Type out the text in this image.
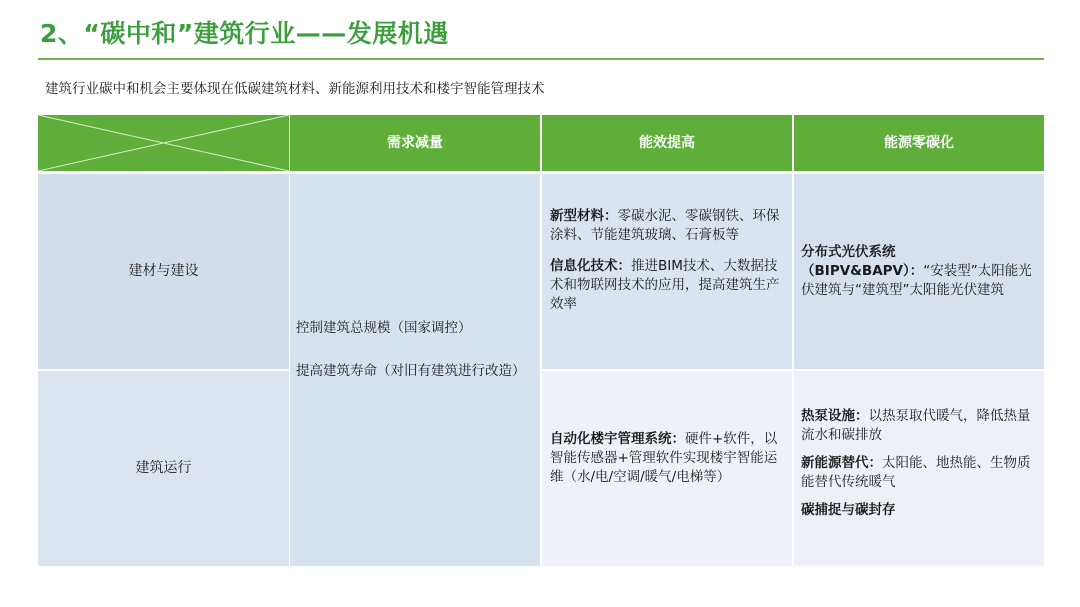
2、“碳中和”建筑行业——发展机遇
建筑行业碳中和机会主要体现在低碳建筑材料、新能源利用技术和楼宇智能管理技术
需求减量	能效提高	能源零碳化
建材与建设
建筑运行

控制建筑总规模（国家调控）

提高建筑寿命（对旧有建筑进行改造）

新型材料：零碳水泥、零碳钢铁、环保涂料、节能建筑玻璃、石膏板等

信息化技术：推进BIM技术、大数据技术和物联网技术的应用，提高建筑生产效率

自动化楼宇管理系统：硬件+软件，以智能传感器+管理软件实现楼宇智能运维（水/电/空调/暖气/电梯等）

分布式光伏系统（BIPV&BAPV）：“安装型”太阳能光伏建筑与“建筑型”太阳能光伏建筑

热泵设施：以热泵取代暖气，降低热量流水和碳排放

新能源替代：太阳能、地热能、生物质能替代传统暖气

碳捕捉与碳封存
